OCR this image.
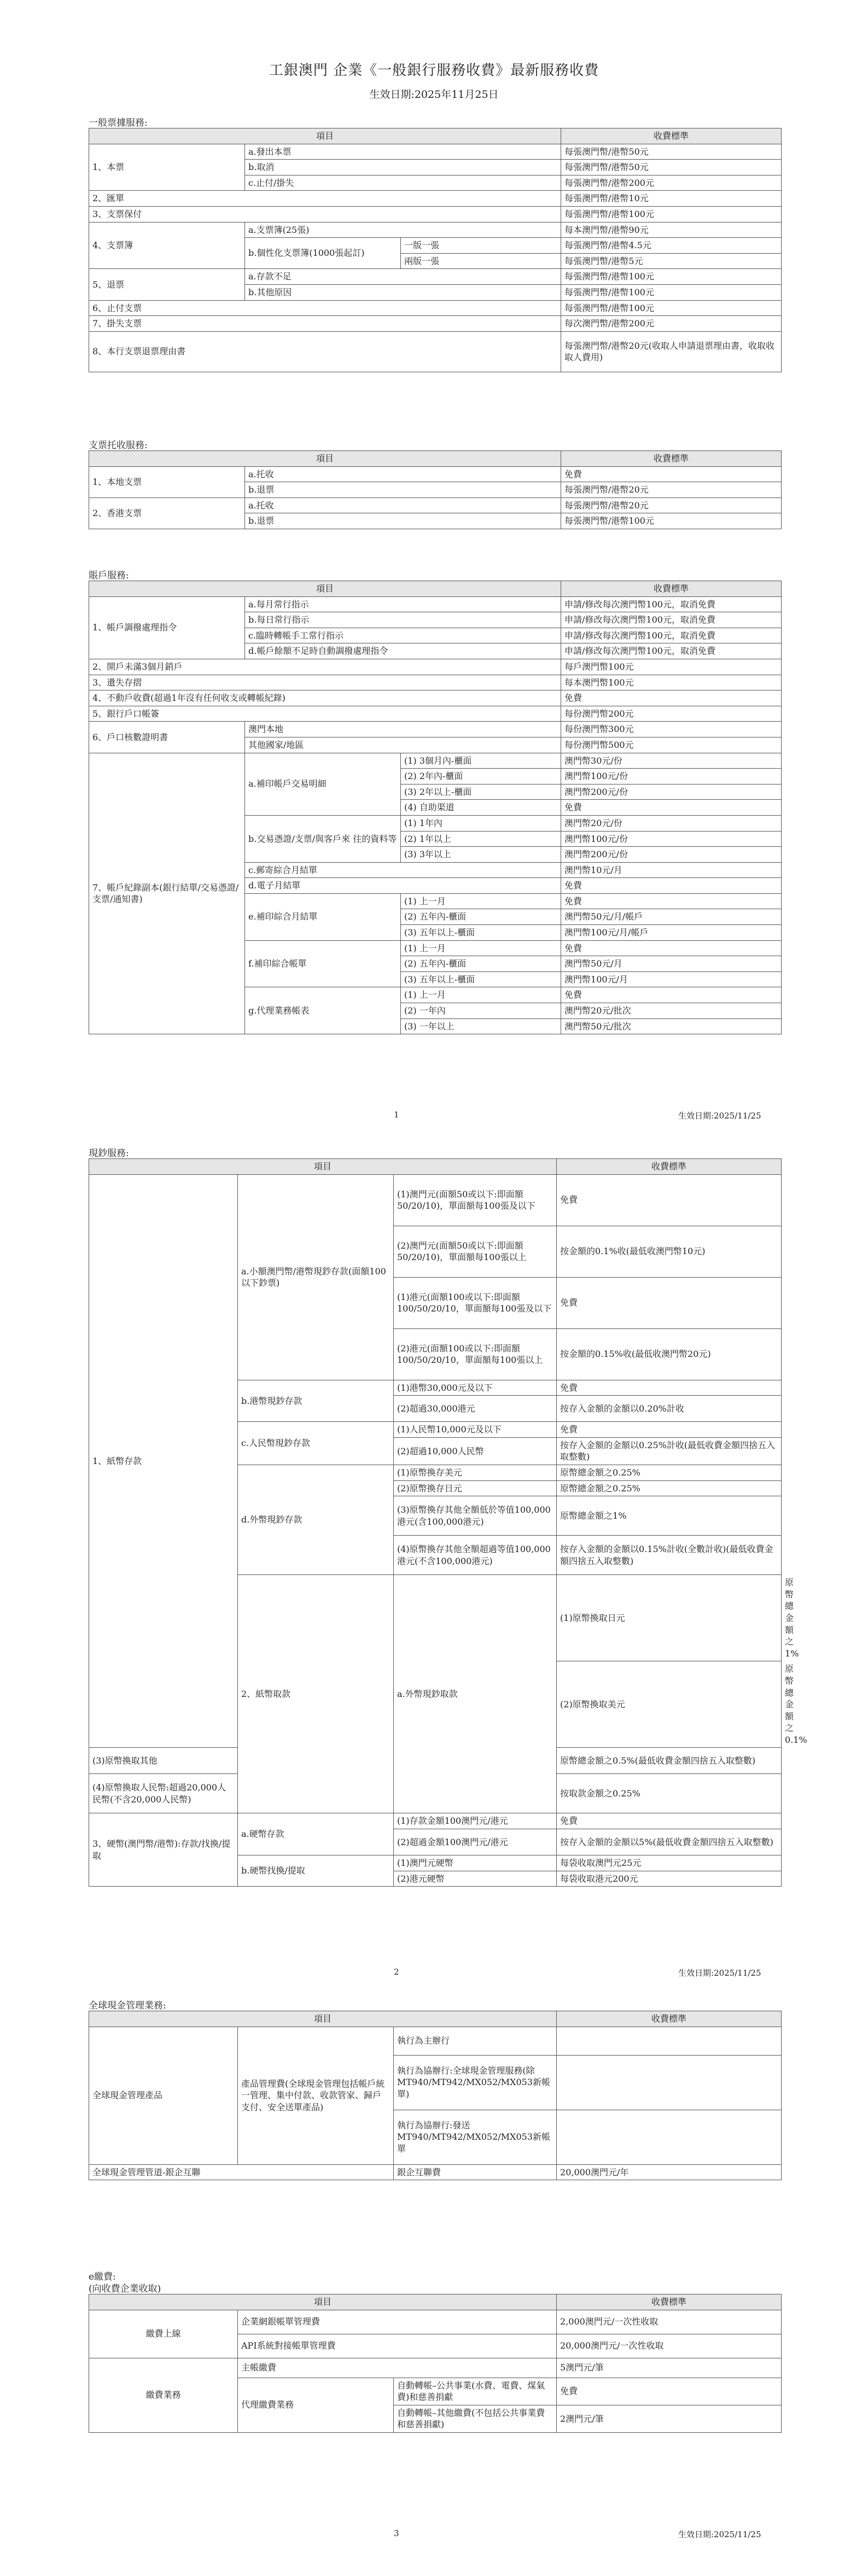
工銀澳門 企業《一般銀行服務收費》最新服務收費
生效日期:2025年11月25日
一般票據服務:
項目			收費標準
1、本票	a.發出本票		每張澳門幣/港幣50元
	b.取消		每張澳門幣/港幣50元
	c.止付/掛失		每張澳門幣/港幣200元
2、匯單			每張澳門幣/港幣10元
3、支票保付			每張澳門幣/港幣100元
4、支票簿	a.支票簿(25張)		每本澳門幣/港幣90元
	b.個性化支票簿(1000張起訂)	一版一張	每張澳門幣/港幣4.5元
		兩版一張	每張澳門幣/港幣5元
5、退票	a.存款不足		每張澳門幣/港幣100元
	b.其他原因		每張澳門幣/港幣100元
6、止付支票			每張澳門幣/港幣100元
7、掛失支票			每次澳門幣/港幣200元
8、本行支票退票理由書			每張澳門幣/港幣20元(收取人申請退票理由書，收取收取人費用)
支票托收服務:
項目		收費標準
1、本地支票	a.托收	免費
	b.退票	每張澳門幣/港幣20元
2、香港支票	a.托收	每張澳門幣/港幣20元
	b.退票	每張澳門幣/港幣100元
賬戶服務:
項目			收費標準
1、帳戶調撥處理指令	a.每月常行指示		申請/修改每次澳門幣100元，取消免費
	b.每日常行指示		申請/修改每次澳門幣100元，取消免費
	c.臨時轉帳手工常行指示		申請/修改每次澳門幣100元，取消免費
	d.帳戶餘額不足時自動調撥處理指令		申請/修改每次澳門幣100元，取消免費
2、開戶未滿3個月銷戶			每戶澳門幣100元
3、遺失存摺			每本澳門幣100元
4、不動戶收費(超過1年沒有任何收支或轉帳紀錄)			免費
5、銀行戶口帳簽			每份澳門幣200元
6、戶口核數證明書	澳門本地		每份澳門幣300元
	其他國家/地區		每份澳門幣500元
7、帳戶紀錄副本(銀行結單/交易憑證/支票/通知書)	a.補印帳戶交易明細	(1) 3個月內-櫃面	澳門幣30元/份
		(2) 2年內-櫃面	澳門幣100元/份
		(3) 2年以上-櫃面	澳門幣200元/份
		(4) 自助渠道	免費
	b.交易憑證/支票/與客戶來 往的資料等	(1) 1年內	澳門幣20元/份
		(2) 1年以上	澳門幣100元/份
		(3) 3年以上	澳門幣200元/份
	c.郵寄綜合月結單		澳門幣10元/月
	d.電子月結單		免費
	e.補印綜合月結單	(1) 上一月	免費
		(2) 五年內-櫃面	澳門幣50元/月/帳戶
		(3) 五年以上-櫃面	澳門幣100元/月/帳戶
	f.補印綜合帳單	(1) 上一月	免費
		(2) 五年內-櫃面	澳門幣50元/月
		(3) 五年以上-櫃面	澳門幣100元/月
	g.代理業務帳表	(1) 上一月	免費
		(2) 一年內	澳門幣20元/批次
		(3) 一年以上	澳門幣50元/批次
1	生效日期:2025/11/25
現鈔服務:
項目			收費標準	
1、紙幣存款	a.小額澳門幣/港幣現鈔存款(面額100以下鈔票)	(1)澳門元(面額50或以下:即面額50/20/10)，單面額每100張及以下	免費	
		(2)澳門元(面額50或以下:即面額50/20/10)，單面額每100張以上	按金額的0.1%收(最低收澳門幣10元)	
		(1)港元(面額100或以下:即面額100/50/20/10，單面額每100張及以下	免費	
		(2)港元(面額100或以下:即面額100/50/20/10，單面額每100張以上	按金額的0.15%收(最低收澳門幣20元)	
	b.港幣現鈔存款	(1)港幣30,000元及以下	免費	
		(2)超過30,000港元	按存入金額的金額以0.20%計收	
	c.人民幣現鈔存款	(1)人民幣10,000元及以下	免費	
		(2)超過10,000人民幣	按存入金額的金額以0.25%計收(最低收費金額四捨五入取整數)	
	d.外幣現鈔存款	(1)原幣換存美元	原幣總金額之0.25%	
		(2)原幣換存日元	原幣總金額之0.25%	
		(3)原幣換存其他全額低於等值100,000港元(含100,000港元)	原幣總金額之1%	
		(4)原幣換存其他全額超過等值100,000港元(不含100,000港元)	按存入金額的金額以0.15%計收(全數計收)(最低收費金額四捨五入取整數)	
	2、紙幣取款	a.外幣現鈔取款	(1)原幣換取日元	原幣總金額之1%
			(2)原幣換取美元	原幣總金額之0.1%
(3)原幣換取其他			原幣總金額之0.5%(最低收費金額四捨五入取整數)	
(4)原幣換取人民幣:超過20,000人民幣(不含20,000人民幣)			按取款金額之0.25%	
3、硬幣(澳門幣/港幣):存款/找換/提取	a.硬幣存款	(1)存款金額100澳門元/港元	免費	
		(2)超過金額100澳門元/港元	按存入金額的金額以5%(最低收費金額四捨五入取整數)	
	b.硬幣找換/提取	(1)澳門元硬幣	每袋收取澳門元25元	
		(2)港元硬幣	每袋收取港元200元	
2	生效日期:2025/11/25
全球現金管理業務:
項目			收費標準
全球現金管理產品	產品管理費(全球現金管理包括帳戶統一管理、集中付款、收款管家、歸戶 支付、安全送單產品)	執行為主辦行	
		執行為協辦行:全球現金管理服務(除MT940/MT942/MX052/MX053新帳單)	
		執行為協辦行:發送MT940/MT942/MX052/MX053新帳單	
全球現金管理管道-銀企互聯		銀企互聯費	20,000澳門元/年
e繳費:
(向收費企業收取)
項目			收費標準
繳費上線	企業網銀帳單管理費		2,000澳門元/一次性收取
	API系統對接帳單管理費		20,000澳門元/一次性收取
繳費業務	主帳繳費		5澳門元/筆
	代理繳費業務	自動轉帳–公共事業(水費、電費、煤氣費)和慈善捐獻	免費
		自動轉帳–其他繳費(不包括公共事業費和慈善捐獻)	2澳門元/筆
3	生效日期:2025/11/25
